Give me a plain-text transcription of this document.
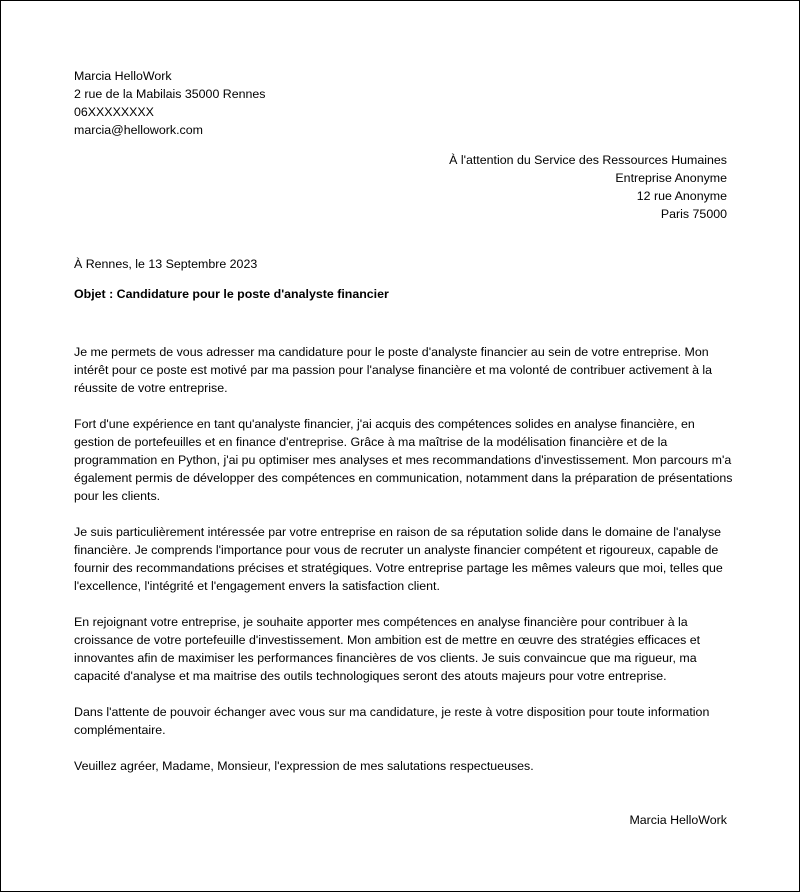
Marcia HelloWork
2 rue de la Mabilais 35000 Rennes
06XXXXXXXX
marcia@hellowork.com
À l'attention du Service des Ressources Humaines
Entreprise Anonyme
12 rue Anonyme
Paris 75000
À Rennes, le 13 Septembre 2023
Objet : Candidature pour le poste d'analyste financier

Je me permets de vous adresser ma candidature pour le poste d'analyste financier au sein de votre entreprise. Mon intérêt pour ce poste est motivé par ma passion pour l'analyse financière et ma volonté de contribuer activement à la réussite de votre entreprise.

Fort d'une expérience en tant qu'analyste financier, j'ai acquis des compétences solides en analyse financière, en gestion de portefeuilles et en finance d'entreprise. Grâce à ma maîtrise de la modélisation financière et de la programmation en Python, j'ai pu optimiser mes analyses et mes recommandations d'investissement. Mon parcours m'a également permis de développer des compétences en communication, notamment dans la préparation de présentations pour les clients.

Je suis particulièrement intéressée par votre entreprise en raison de sa réputation solide dans le domaine de l'analyse financière. Je comprends l'importance pour vous de recruter un analyste financier compétent et rigoureux, capable de fournir des recommandations précises et stratégiques. Votre entreprise partage les mêmes valeurs que moi, telles que l'excellence, l'intégrité et l'engagement envers la satisfaction client.

En rejoignant votre entreprise, je souhaite apporter mes compétences en analyse financière pour contribuer à la croissance de votre portefeuille d'investissement. Mon ambition est de mettre en œuvre des stratégies efficaces et innovantes afin de maximiser les performances financières de vos clients. Je suis convaincue que ma rigueur, ma capacité d'analyse et ma maitrise des outils technologiques seront des atouts majeurs pour votre entreprise.

Dans l'attente de pouvoir échanger avec vous sur ma candidature, je reste à votre disposition pour toute information complémentaire.

Veuillez agréer, Madame, Monsieur, l'expression de mes salutations respectueuses.

Marcia HelloWork
